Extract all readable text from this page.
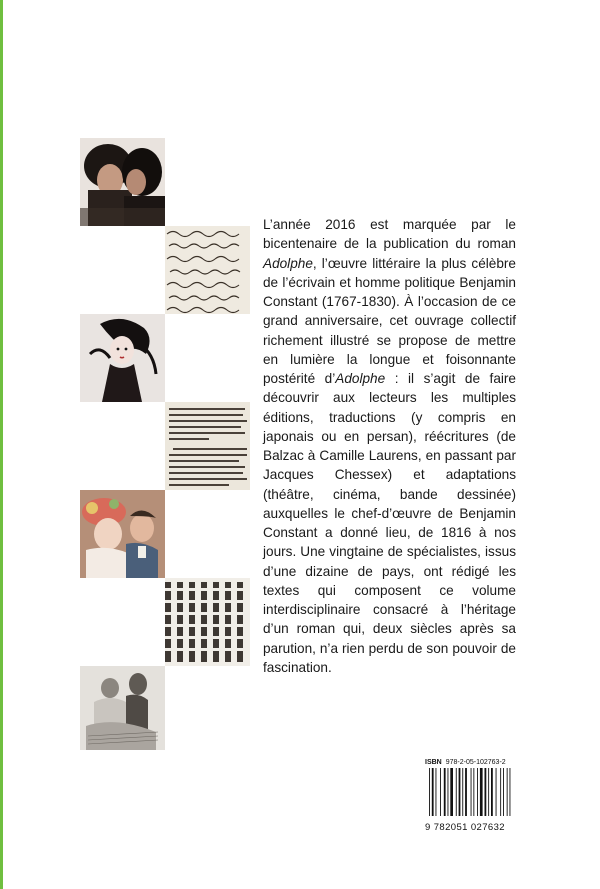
L’année 2016 est marquée par le bicentenaire de la publication du roman Adolphe, l’œuvre littéraire la plus célèbre de l’écrivain et homme politique Benjamin Constant (1767-1830). À l’occasion de ce grand anniversaire, cet ouvrage collectif richement illustré se propose de mettre en lumière la longue et foisonnante postérité d’Adolphe : il s’agit de faire découvrir aux lecteurs les multiples éditions, traductions (y compris en japonais ou en persan), réécritures (de Balzac à Camille Laurens, en passant par Jacques Chessex) et adaptations (théâtre, cinéma, bande dessinée) auxquelles le chef-d’œuvre de Benjamin Constant a donné lieu, de 1816 à nos jours. Une vingtaine de spécialistes, issus d’une dizaine de pays, ont rédigé les textes qui composent ce volume interdisciplinaire consacré à l’héritage d’un roman qui, deux siècles après sa parution, n’a rien perdu de son pouvoir de fascination.

ISBN 978-2-05-102763-2
9 782051 027632
